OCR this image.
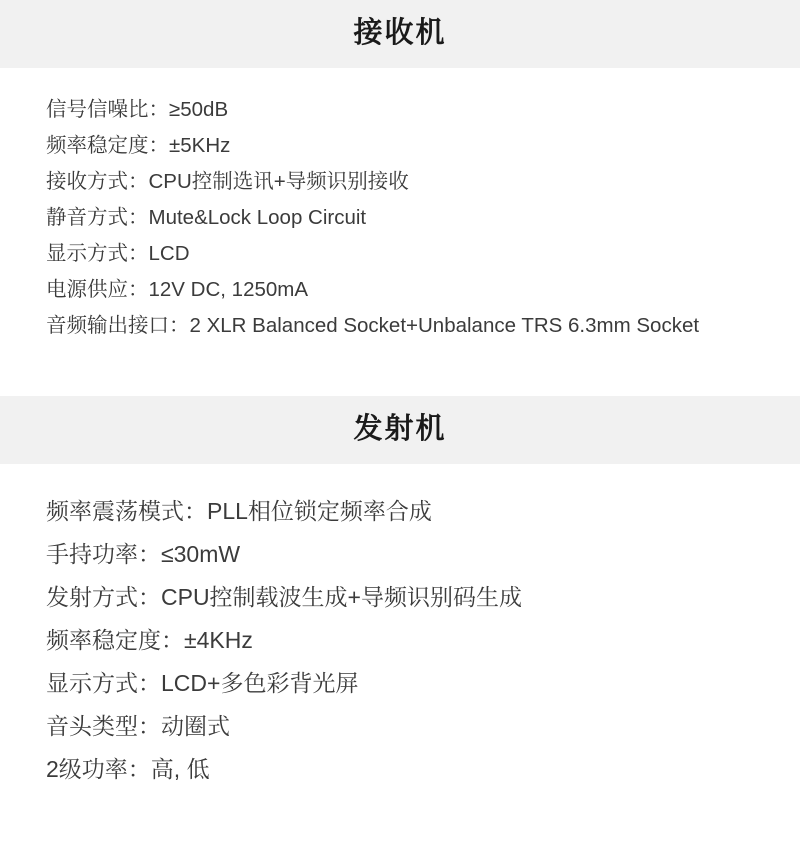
接收机
信号信噪比：≥50dB
频率稳定度：±5KHz
接收方式：CPU控制选讯+导频识别接收
静音方式：Mute&Lock Loop Circuit
显示方式：LCD
电源供应：12V DC, 1250mA
音频输出接口：2 XLR Balanced Socket+Unbalance TRS 6.3mm Socket
发射机
频率震荡模式：PLL相位锁定频率合成
手持功率：≤30mW
发射方式：CPU控制载波生成+导频识别码生成
频率稳定度：±4KHz
显示方式：LCD+多色彩背光屏
音头类型：动圈式
2级功率：高, 低
